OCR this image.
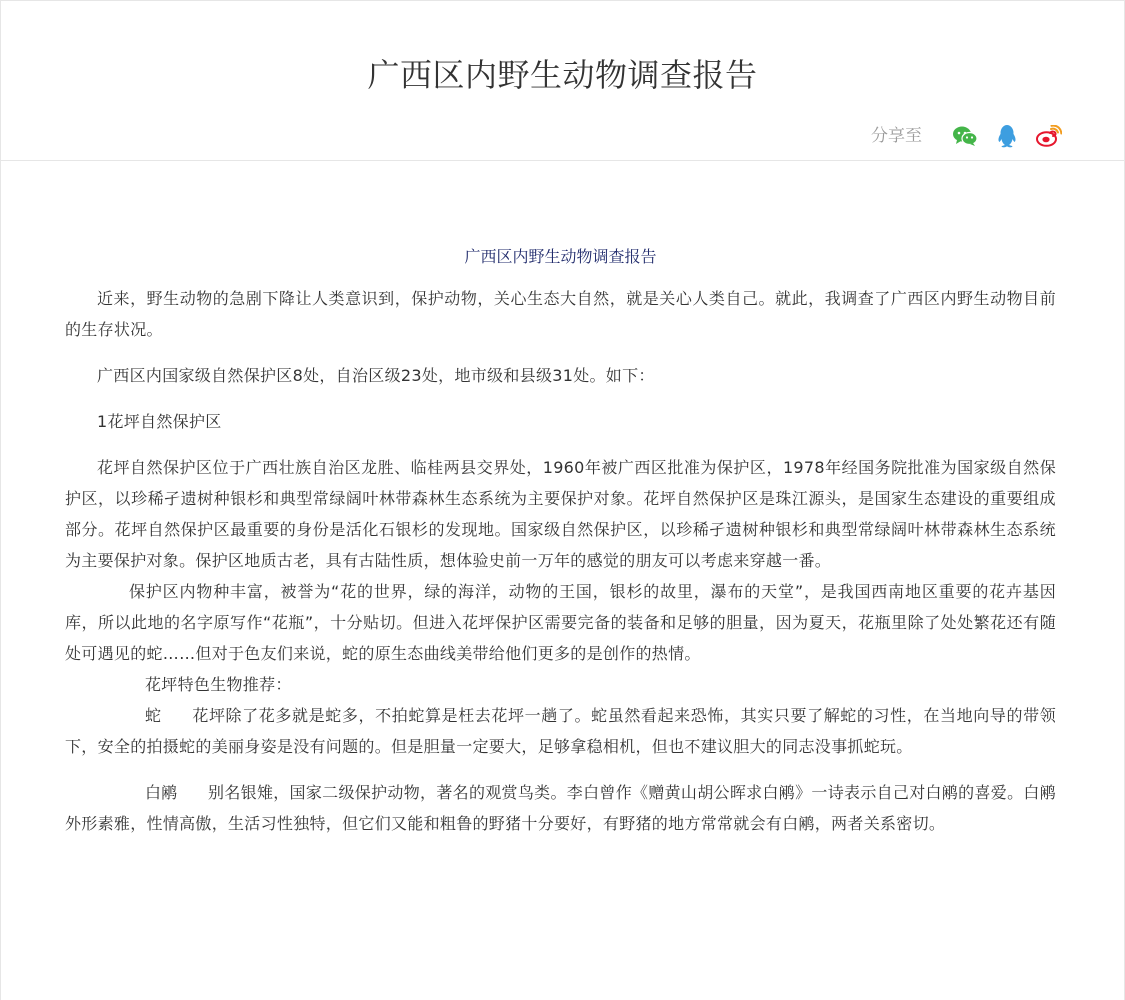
广西区内野生动物调查报告
分享至
广西区内野生动物调查报告

近来，野生动物的急剧下降让人类意识到，保护动物，关心生态大自然，就是关心人类自己。就此，我调查了广西区内野生动物目前的生存状况。

广西区内国家级自然保护区8处，自治区级23处，地市级和县级31处。如下：

1花坪自然保护区

花坪自然保护区位于广西壮族自治区龙胜、临桂两县交界处，1960年被广西区批准为保护区，1978年经国务院批准为国家级自然保护区，以珍稀孑遗树种银杉和典型常绿阔叶林带森林生态系统为主要保护对象。花坪自然保护区是珠江源头，是国家生态建设的重要组成部分。花坪自然保护区最重要的身份是活化石银杉的发现地。国家级自然保护区，以珍稀孑遗树种银杉和典型常绿阔叶林带森林生态系统为主要保护对象。保护区地质古老，具有古陆性质，想体验史前一万年的感觉的朋友可以考虑来穿越一番。

保护区内物种丰富，被誉为“花的世界，绿的海洋，动物的王国，银杉的故里，瀑布的天堂”，是我国西南地区重要的花卉基因库，所以此地的名字原写作“花瓶”，十分贴切。但进入花坪保护区需要完备的装备和足够的胆量，因为夏天，花瓶里除了处处繁花还有随处可遇见的蛇……但对于色友们来说，蛇的原生态曲线美带给他们更多的是创作的热情。

花坪特色生物推荐：

蛇 花坪除了花多就是蛇多，不拍蛇算是枉去花坪一趟了。蛇虽然看起来恐怖，其实只要了解蛇的习性，在当地向导的带领下，安全的拍摄蛇的美丽身姿是没有问题的。但是胆量一定要大，足够拿稳相机，但也不建议胆大的同志没事抓蛇玩。

白鹇 别名银雉，国家二级保护动物，著名的观赏鸟类。李白曾作《赠黄山胡公晖求白鹇》一诗表示自己对白鹇的喜爱。白鹇外形素雅，性情高傲，生活习性独特，但它们又能和粗鲁的野猪十分要好，有野猪的地方常常就会有白鹇，两者关系密切。
